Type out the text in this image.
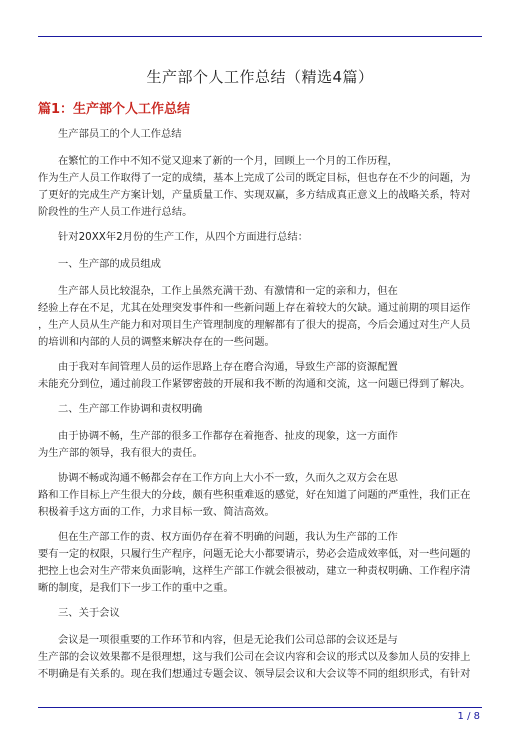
生产部个人工作总结（精选4篇）
篇1：生产部个人工作总结
生产部员工的个人工作总结
在繁忙的工作中不知不觉又迎来了新的一个月，回顾上一个月的工作历程，
作为生产人员工作取得了一定的成绩，基本上完成了公司的既定目标，但也存在不少的问题，为
了更好的完成生产方案计划，产量质量工作、实现双赢，多方结成真正意义上的战略关系，特对
阶段性的生产人员工作进行总结。
针对20XX年2月份的生产工作，从四个方面进行总结：
一、生产部的成员组成
生产部人员比较混杂，工作上虽然充满干劲、有激情和一定的亲和力，但在
经验上存在不足，尤其在处理突发事件和一些新问题上存在着较大的欠缺。通过前期的项目运作
，生产人员从生产能力和对项目生产管理制度的理解都有了很大的提高，今后会通过对生产人员
的培训和内部的人员的调整来解决存在的一些问题。
由于我对车间管理人员的运作思路上存在磨合沟通，导致生产部的资源配置
未能充分到位，通过前段工作紧锣密鼓的开展和我不断的沟通和交流，这一问题已得到了解决。
二、生产部工作协调和责权明确
由于协调不畅，生产部的很多工作都存在着拖沓、扯皮的现象，这一方面作
为生产部的领导，我有很大的责任。
协调不畅或沟通不畅都会存在工作方向上大小不一致，久而久之双方会在思
路和工作目标上产生很大的分歧，颇有些积重难返的感觉，好在知道了问题的严重性，我们正在
积极着手这方面的工作，力求目标一致、简洁高效。
但在生产部工作的责、权方面仍存在着不明确的问题，我认为生产部的工作
要有一定的权限，只履行生产程序，问题无论大小都要请示，势必会造成效率低，对一些问题的
把控上也会对生产带来负面影响，这样生产部工作就会很被动，建立一种责权明确、工作程序清
晰的制度，是我们下一步工作的重中之重。
三、关于会议
会议是一项很重要的工作环节和内容，但是无论我们公司总部的会议还是与
生产部的会议效果都不是很理想，这与我们公司在会议内容和会议的形式以及参加人员的安排上
不明确是有关系的。现在我们想通过专题会议、领导层会议和大会议等不同的组织形式，有针对
1 / 8
